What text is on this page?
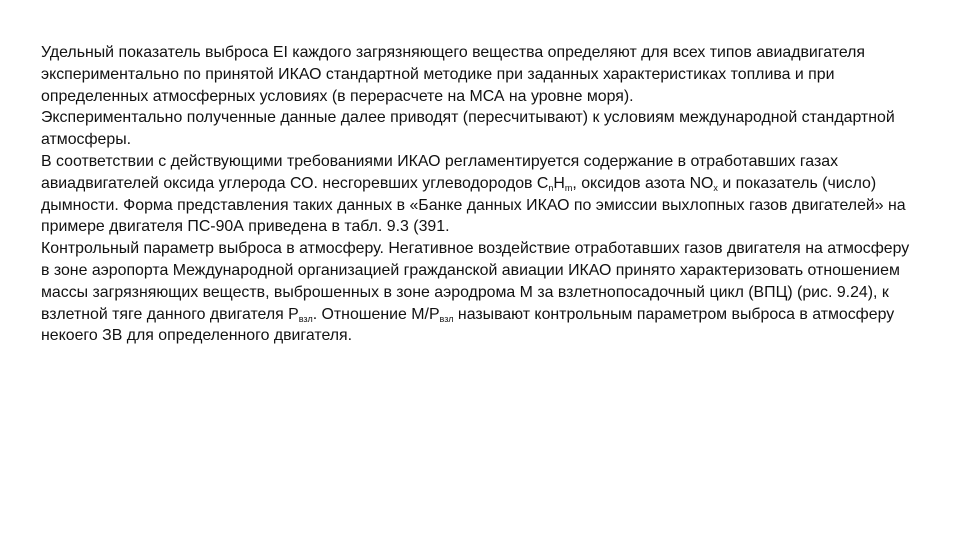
Удельный показатель выброса EI каждого загрязняющего вещества определяют для всех типов авиадвигателя экспериментально по принятой ИКАО стандартной методике при заданных характеристиках топлива и при определенных атмосферных условиях (в перерасчете на МСА на уровне моря).

Экспериментально полученные данные далее приводят (пересчитывают) к условиям международной стандартной атмосферы.

В соответствии с действующими требованиями ИКАО регламентируется содержание в отработавших газах авиадвигателей оксида углерода СО. несгоревших углеводородов $C_nH_m$, оксидов азота $NO_x$ и показатель (число) дымности. Форма представления таких данных в «Банке данных ИКАО по эмиссии выхлопных газов двигателей» на примере двигателя ПС-90А приведена в табл. 9.3 (391.

Контрольный параметр выброса в атмосферу. Негативное воздействие отработавших газов двигателя на атмосферу в зоне аэропорта Международной организацией гражданской авиации ИКАО принято характеризовать отношением массы загрязняющих веществ, выброшенных в зоне аэродрома М за взлетнопосадочный цикл (ВПЦ) (рис. 9.24), к взлетной тяге данного двигателя $Р_{взл}$. Отношение $М/Р_{взл}$ называют контрольным параметром выброса в атмосферу некоего ЗВ для определенного двигателя.
